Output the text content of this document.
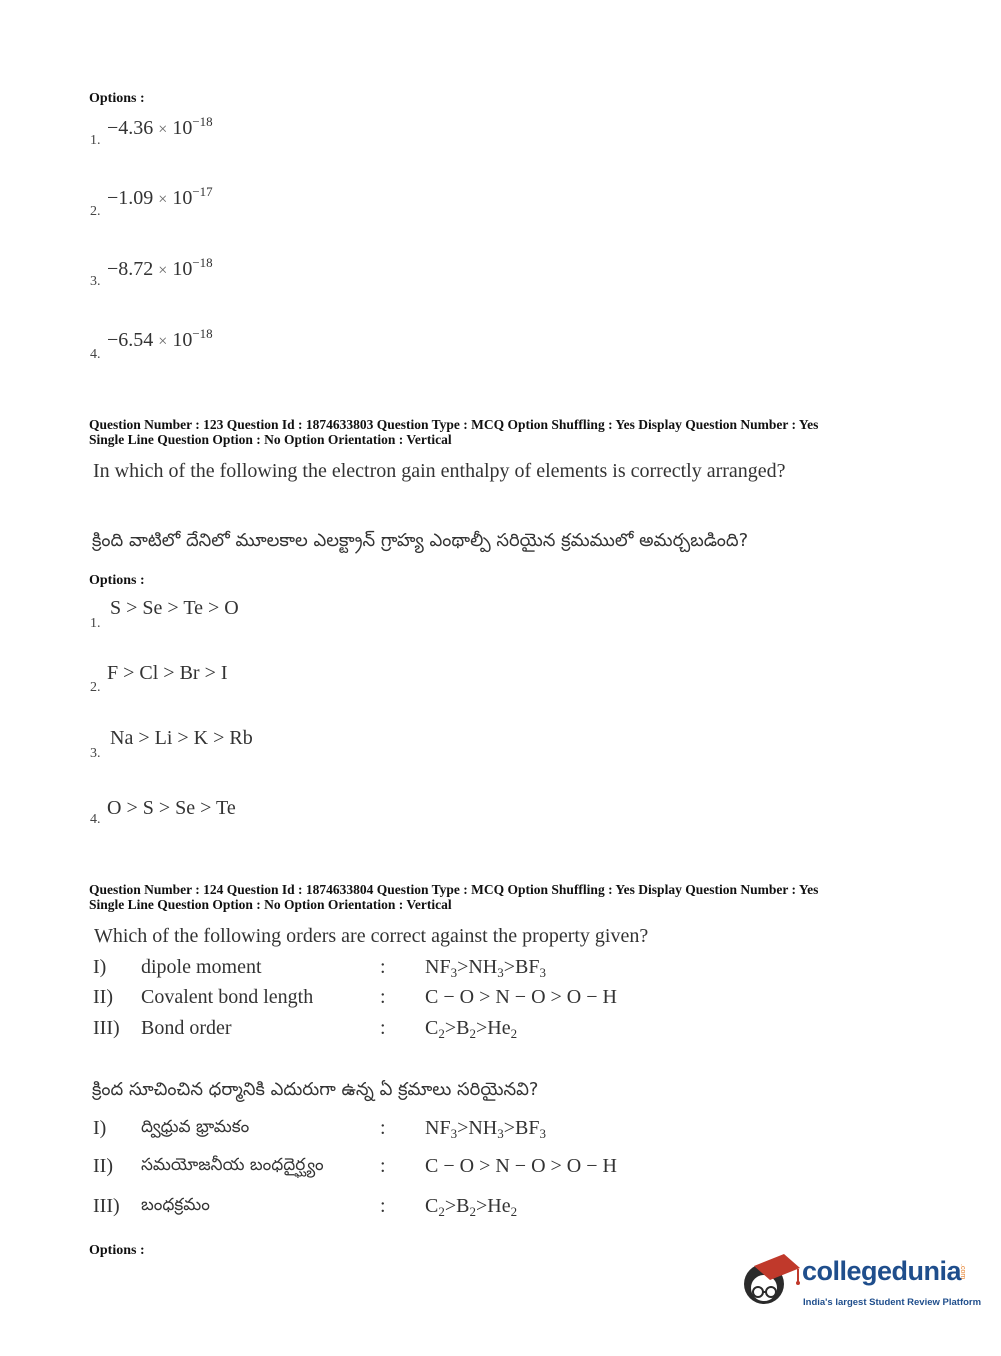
Options :
1.
$-4.36 \times 10^{-18}$
2.
$-1.09 \times 10^{-17}$
3.
$-8.72 \times 10^{-18}$
4.
$-6.54 \times 10^{-18}$
Question Number : 123 Question Id : 1874633803 Question Type : MCQ Option Shuffling : Yes Display Question Number : Yes
Single Line Question Option : No Option Orientation : Vertical
In which of the following the electron gain enthalpy of elements is correctly arranged?
క్రింది వాటిలో దేనిలో మూలకాల ఎలక్ట్రాన్ గ్రాహ్య ఎంథాల్పీ సరియైన క్రమములో అమర్చబడింది?
Options :
1.
S > Se > Te > O
2.
F > Cl > Br > I
3.
Na > Li > K > Rb
4.
O > S > Se > Te
Question Number : 124 Question Id : 1874633804 Question Type : MCQ Option Shuffling : Yes Display Question Number : Yes
Single Line Question Option : No Option Orientation : Vertical
Which of the following orders are correct against the property given?
I) dipole moment	: $NF_3>NH_3>BF_3$
II) Covalent bond length	: C − O > N − O > O − H
III) Bond order	: $C_2>B_2>He_2$
క్రింద సూచించిన ధర్మానికి ఎదురుగా ఉన్న ఏ క్రమాలు సరియైనవి?
I) ద్విధ్రువ భ్రామకం	: $NF_3>NH_3>BF_3$
II) సమయోజనీయ బంధదైర్ఘ్యం	: C − O > N − O > O − H
III) బంధక్రమం	: $C_2>B_2>He_2$
Options :
collegedunia
.com
India's largest Student Review Platform
